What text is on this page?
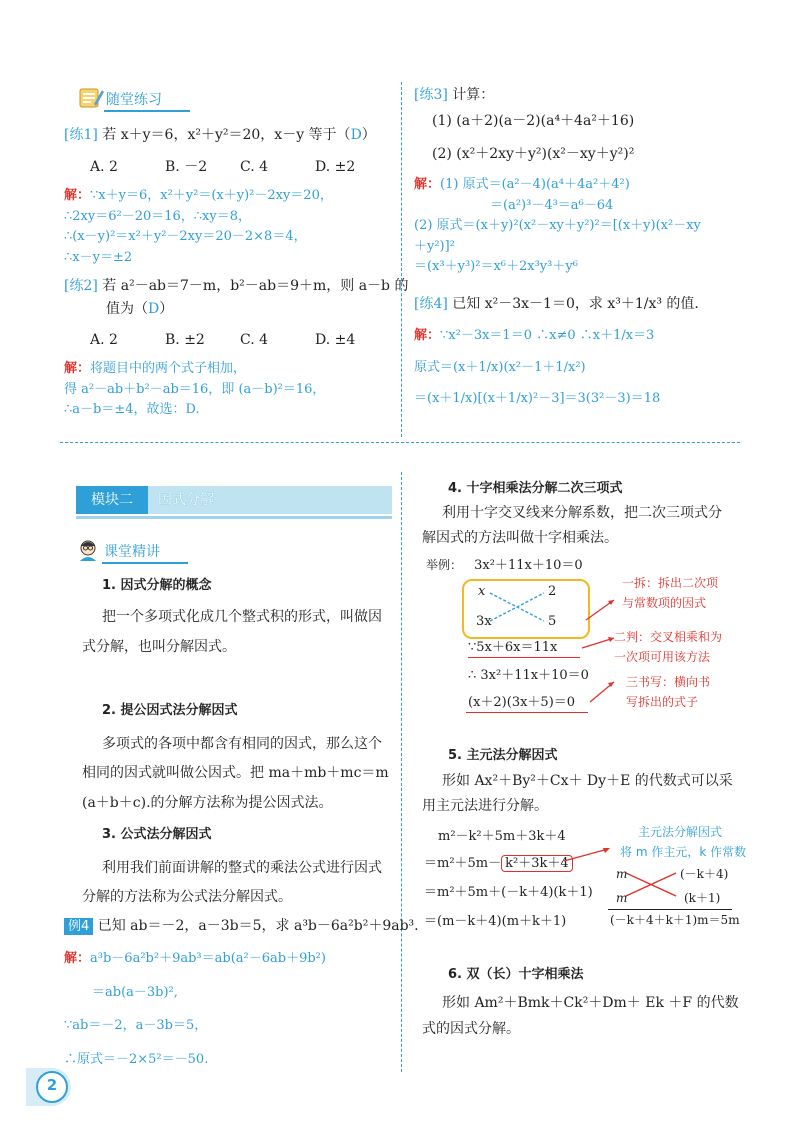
随堂练习
[练1] 若 x＋y＝6，x²＋y²＝20，x－y 等于（D）
A. 2	B. －2 C. 4	D. ±2
解：∵x＋y＝6，x²＋y²＝(x＋y)²－2xy＝20，
∴2xy＝6²－20＝16，∴xy＝8，
∴(x－y)²＝x²＋y²－2xy＝20－2×8＝4，
∴x－y＝±2
[练2] 若 a²－ab＝7－m，b²－ab＝9＋m，则 a－b 的
值为（D）
A. 2	B. ±2	C. 4	D. ±4
解：将题目中的两个式子相加，
得 a²－ab＋b²－ab＝16，即 (a－b)²＝16，
∴a－b＝±4，故选：D.
[练3] 计算：
(1) (a＋2)(a－2)(a⁴＋4a²＋16)
(2) (x²＋2xy＋y²)(x²－xy＋y²)²
解：(1) 原式＝(a²－4)(a⁴＋4a²＋4²)
＝(a²)³－4³＝a⁶－64
(2) 原式＝(x＋y)²(x²－xy＋y²)²＝[(x＋y)(x²－xy
＋y²)]²
＝(x³＋y³)²＝x⁶＋2x³y³＋y⁶
[练4] 已知 x²－3x－1＝0，求 x³＋1/x³ 的值.
解：∵x²－3x＝1＝0 ∴x≠0 ∴x＋1/x＝3
原式＝(x＋1/x)(x²－1＋1/x²)
＝(x＋1/x)[(x＋1/x)²－3]＝3(3²－3)＝18
模块二	因式分解
课堂精讲
1. 因式分解的概念
把一个多项式化成几个整式积的形式，叫做因
式分解，也叫分解因式。
2. 提公因式法分解因式
多项式的各项中都含有相同的因式，那么这个
相同的因式就叫做公因式。把 ma＋mb＋mc＝m
(a＋b＋c).的分解方法称为提公因式法。
3. 公式法分解因式
利用我们前面讲解的整式的乘法公式进行因式
分解的方法称为公式法分解因式。
例4 已知 ab＝－2，a－3b＝5，求 a³b－6a²b²＋9ab³.
解：a³b－6a²b²＋9ab³＝ab(a²－6ab＋9b²)
＝ab(a－3b)²,
∵ab＝－2，a－3b＝5，
∴原式＝－2×5²＝－50.
4. 十字相乘法分解二次三项式
利用十字交叉线来分解系数，把二次三项式分
解因式的方法叫做十字相乘法。
举例： 3x²＋11x＋10＝0
x	2
3x	5
∵5x＋6x＝11x
∴ 3x²＋11x＋10＝0
(x＋2)(3x＋5)＝0
一拆：拆出二次项
与常数项的因式
二判：交叉相乘和为
一次项可用该方法
三书写：横向书
写拆出的式子
5. 主元法分解因式
形如 Ax²＋By²＋Cx＋ Dy＋E 的代数式可以采
用主元法进行分解。
m²－k²＋5m＋3k＋4
＝m²＋5m－ k²＋3k＋4
＝m²＋5m＋(－k＋4)(k＋1)
＝(m－k＋4)(m＋k＋1)
主元法分解因式
将 m 作主元，k 作常数
m	(－k＋4)
m	(k＋1)
(－k＋4＋k＋1)m＝5m
6. 双（长）十字相乘法
形如 Am²＋Bmk＋Ck²＋Dm＋ Ek ＋F 的代数
式的因式分解。
2
